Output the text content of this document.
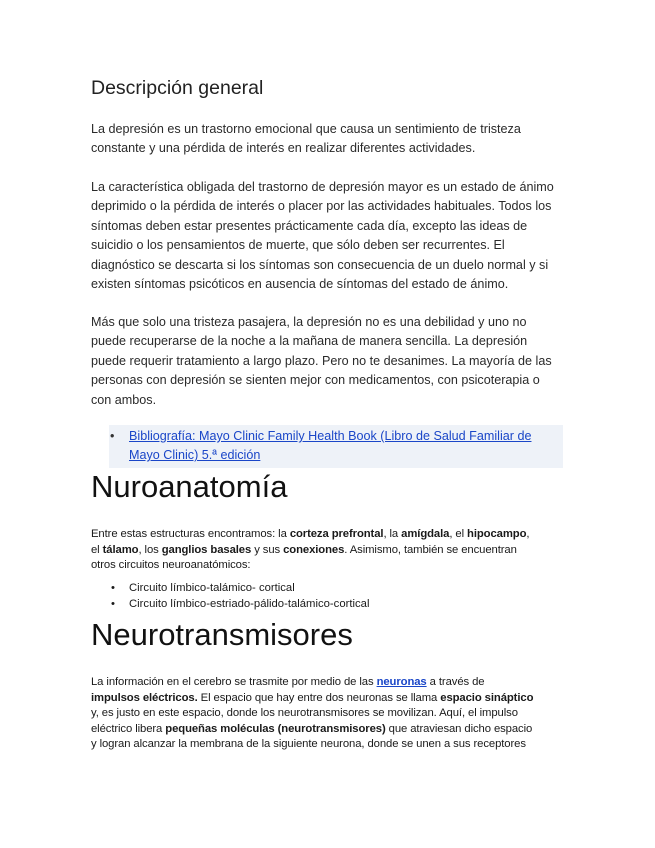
Descripción general
La depresión es un trastorno emocional que causa un sentimiento de tristeza
constante y una pérdida de interés en realizar diferentes actividades.
La característica obligada del trastorno de depresión mayor es un estado de ánimo
deprimido o la pérdida de interés o placer por las actividades habituales. Todos los
síntomas deben estar presentes prácticamente cada día, excepto las ideas de
suicidio o los pensamientos de muerte, que sólo deben ser recurrentes. El
diagnóstico se descarta si los síntomas son consecuencia de un duelo normal y si
existen síntomas psicóticos en ausencia de síntomas del estado de ánimo.
Más que solo una tristeza pasajera, la depresión no es una debilidad y uno no
puede recuperarse de la noche a la mañana de manera sencilla. La depresión
puede requerir tratamiento a largo plazo. Pero no te desanimes. La mayoría de las
personas con depresión se sienten mejor con medicamentos, con psicoterapia o
con ambos.
• Bibliografía: Mayo Clinic Family Health Book (Libro de Salud Familiar de
Mayo Clinic) 5.ª edición
Nuroanatomía
Entre estas estructuras encontramos: la corteza prefrontal, la amígdala, el hipocampo,
el tálamo, los ganglios basales y sus conexiones. Asimismo, también se encuentran
otros circuitos neuroanatómicos:
• Circuito límbico-talámico- cortical
• Circuito límbico-estriado-pálido-talámico-cortical
Neurotransmisores
La información en el cerebro se trasmite por medio de las neuronas a través de
impulsos eléctricos. El espacio que hay entre dos neuronas se llama espacio sináptico
y, es justo en este espacio, donde los neurotransmisores se movilizan. Aquí, el impulso
eléctrico libera pequeñas moléculas (neurotransmisores) que atraviesan dicho espacio
y logran alcanzar la membrana de la siguiente neurona, donde se unen a sus receptores
